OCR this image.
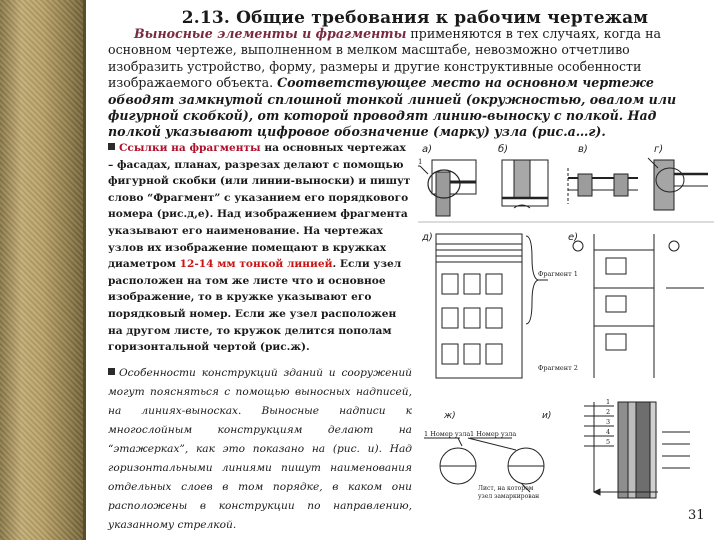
2.13. Общие требования к рабочим чертежам

Выносные элементы и фрагменты применяются в тех случаях, когда на основном чертеже, выполненном в мелком масштабе, невозможно отчетливо изобразить устройство, форму, размеры и другие конструктивные особенности изображаемого объекта. Соответствующее место на основном чертеже обводят замкнутой сплошной тонкой линией (окружностью, овалом или фигурной скобкой), от которой проводят линию-выноску с полкой. Над полкой указывают цифровое обозначение (марку) узла (рис.а…г).

Ссылки на фрагменты на основных чертежах – фасадах, планах, разрезах делают с помощью фигурной скобки (или линии-выноски) и пишут слово “Фрагмент” с указанием его порядкового номера (рис.д,е). Над изображением фрагмента указывают его наименование. На чертежах узлов их изображение помещают в кружках диаметром 12-14 мм тонкой линией. Если узел расположен на том же листе что и основное изображение, то в кружке указывают его порядковый номер. Если же узел расположен на другом листе, то кружок делится пополам горизонтальной чертой (рис.ж).
Особенности конструкций зданий и сооружений могут поясняться с помощью выносных надписей, на линиях-выносках. Выносные надписи к многослойным конструкциям делают на “этажерках”, как это показано на (рис. и). Над горизонтальными линиями пишут наименования отдельных слоев в том порядке, в каком они расположены в конструкции по направлению, указанному стрелкой.
а)
1
б)	в)	г)
д)
Фрагмент 1
е)
Фрагмент 2
ж)
1 Номер узла 1 Номер узла
Лист, на котором
узел замаркирован
и)
1
2
3
4
5
31
